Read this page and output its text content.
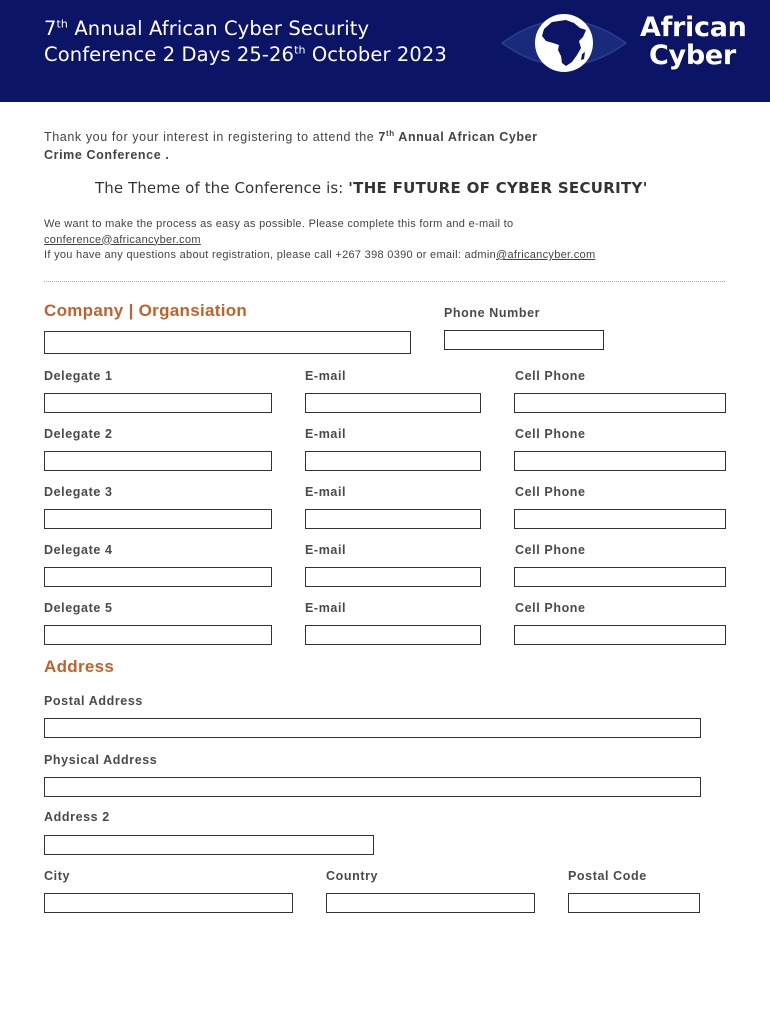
7th Annual African Cyber Security
Conference 2 Days 25-26th October 2023
African
Cyber
Thank you for your interest in registering to attend the 7th Annual African Cyber
Crime Conference .
The Theme of the Conference is: 'THE FUTURE OF CYBER SECURITY'
We want to make the process as easy as possible. Please complete this form and e-mail to
conference@africancyber.com
If you have any questions about registration, please call +267 398 0390 or email: admin@africancyber.com
Company | Organsiation	Phone Number
Delegate 1	E-mail	Cell Phone
Delegate 2	E-mail	Cell Phone
Delegate 3	E-mail	Cell Phone
Delegate 4	E-mail	Cell Phone
Delegate 5	E-mail	Cell Phone
Address
Postal Address
Physical Address
Address 2
City	Country	Postal Code
